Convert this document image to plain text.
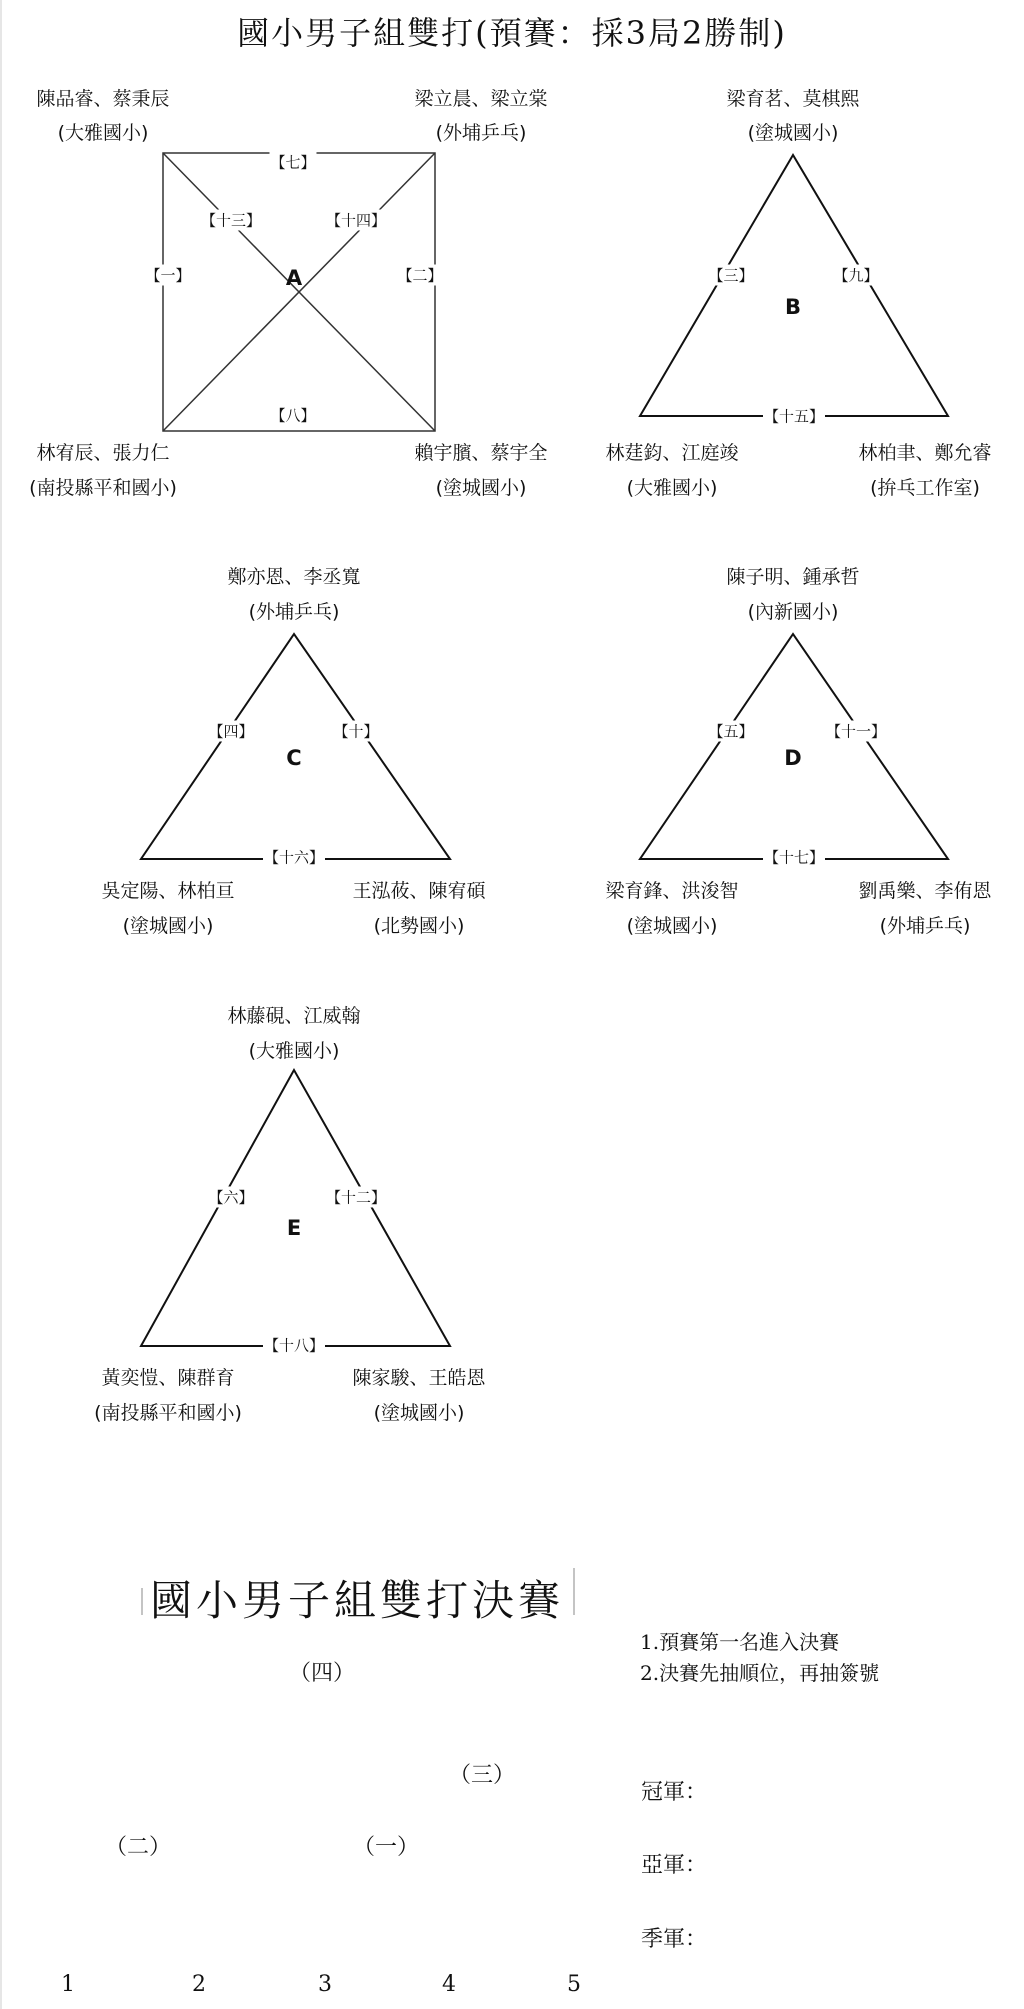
國小男子組雙打(預賽：採3局2勝制)
陳品睿、蔡秉辰
(大雅國小)
梁立晨、梁立棠
(外埔乒乓)
林宥辰、張力仁
(南投縣平和國小)
賴宇臏、蔡宇全
(塗城國小)
【七】
【十三】	【十四】
【一】	【二】
【八】
A
梁育茗、莫棋熙
(塗城國小)
林莛鈞、江庭竣
(大雅國小)
林柏聿、鄭允睿
(拚乓工作室)
【三】	【九】
【十五】
B
鄭亦恩、李丞寬
(外埔乒乓)
吳定陽、林柏亘
(塗城國小)
王泓莜、陳宥碩
(北勢國小)
【四】	【十】
【十六】
C
陳子明、鍾承哲
(內新國小)
梁育鋒、洪浚智
(塗城國小)
劉禹樂、李侑恩
(外埔乒乓)
【五】	【十一】
【十七】
D
林藤硯、江威翰
(大雅國小)
黃奕愷、陳群育
(南投縣平和國小)
陳家駿、王皓恩
(塗城國小)
【六】	【十二】
【十八】
E
國小男子組雙打決賽
1.預賽第一名進入決賽
2.決賽先抽順位，再抽簽號
（四）
（三）
（二）	（一）
冠軍：
亞軍：
季軍：
1	2	3	4	5
